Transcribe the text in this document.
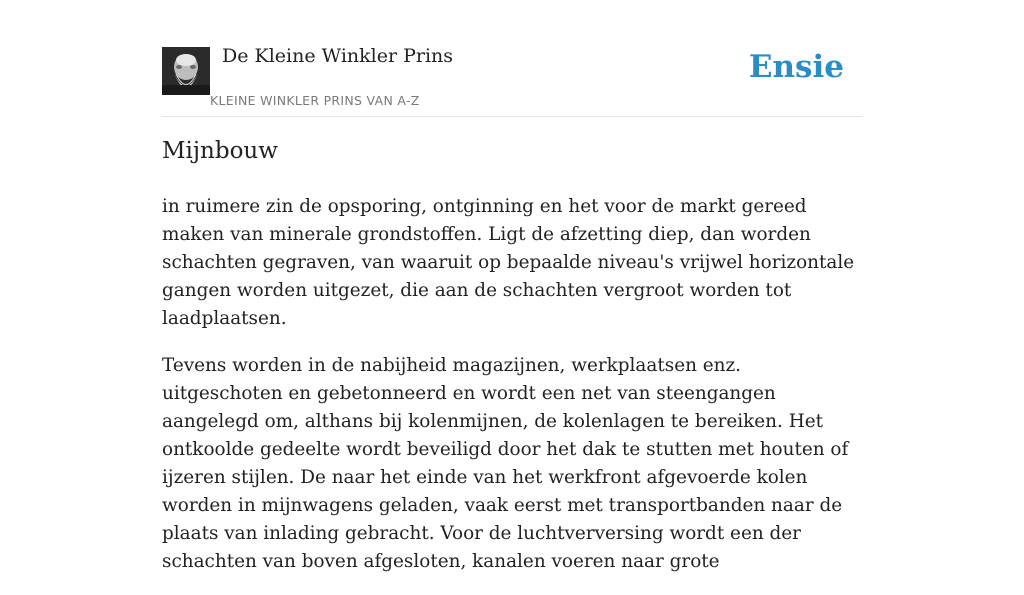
De Kleine Winkler Prins
KLEINE WINKLER PRINS VAN A-Z
Ensie
Mijnbouw

in ruimere zin de opsporing, ontginning en het voor de markt gereed maken van minerale grondstoffen. Ligt de afzetting diep, dan worden schachten gegraven, van waaruit op bepaalde niveau's vrijwel horizontale gangen worden uitgezet, die aan de schachten vergroot worden tot laadplaatsen.

Tevens worden in de nabijheid magazijnen, werkplaatsen enz. uitgeschoten en gebetonneerd en wordt een net van steengangen aangelegd om, althans bij kolenmijnen, de kolenlagen te bereiken. Het ontkoolde gedeelte wordt beveiligd door het dak te stutten met houten of ijzeren stijlen. De naar het einde van het werkfront afgevoerde kolen worden in mijnwagens geladen, vaak eerst met transportbanden naar de plaats van inlading gebracht. Voor de luchtverversing wordt een der schachten van boven afgesloten, kanalen voeren naar grote
